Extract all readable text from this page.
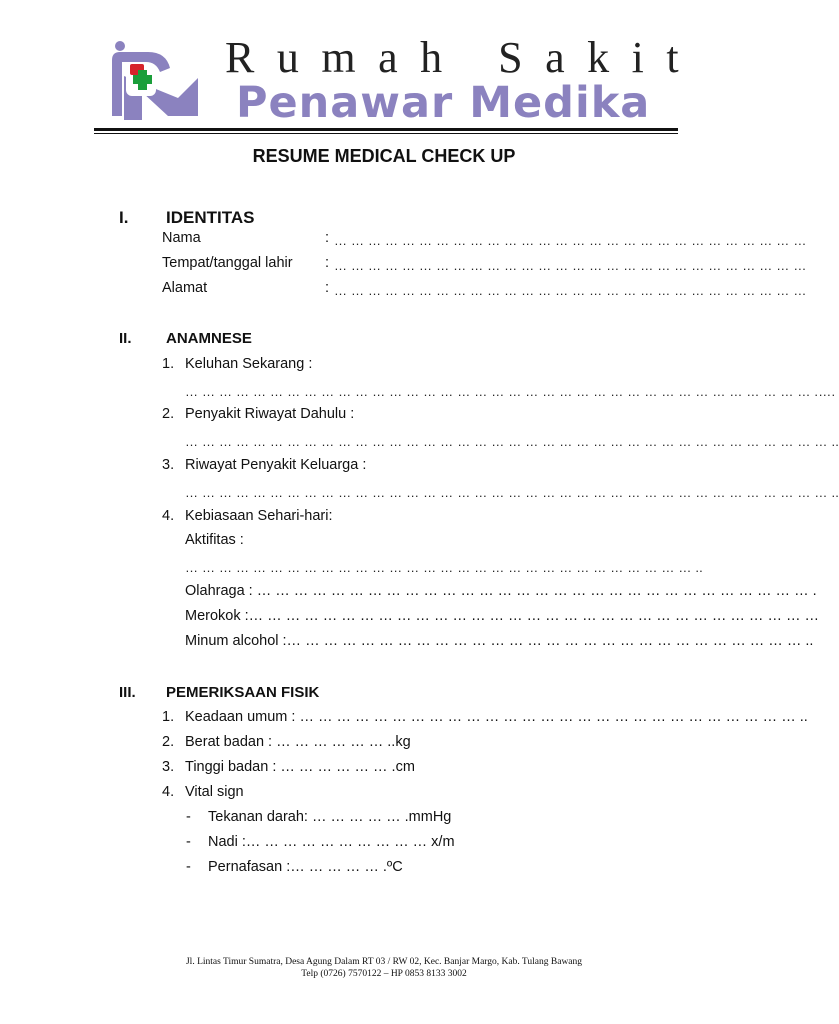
Rumah Sakit
Penawar Medika
RESUME MEDICAL CHECK UP
I. IDENTITAS
Nama	: … … … … … … … … … … … … … … … … … … … … … … … … … … … …
Tempat/tanggal lahir : … … … … … … … … … … … … … … … … … … … … … … … … … … … …
Alamat	: … … … … … … … … … … … … … … … … … … … … … … … … … … … …
II. ANAMNESE
1. Keluhan Sekarang :
… … … … … … … … … … … … … … … … … … … … … … … … … … … … … … … … … … … … … .….
2. Penyakit Riwayat Dahulu :
… … … … … … … … … … … … … … … … … … … … … … … … … … … … … … … … … … … … … … ..
3. Riwayat Penyakit Keluarga :
… … … … … … … … … … … … … … … … … … … … … … … … … … … … … … … … … … … … … … ..
4. Kebiasaan Sehari-hari:
Aktifitas :
… … … … … … … … … … … … … … … … … … … … … … … … … … … … … … ..
Olahraga : … … … … … … … … … … … … … … … … … … … … … … … … … … … … … … .
Merokok :… … … … … … … … … … … … … … … … … … … … … … … … … … … … … … …
Minum alcohol :… … … … … … … … … … … … … … … … … … … … … … … … … … … … ..
III. PEMERIKSAAN FISIK
1. Keadaan umum : … … … … … … … … … … … … … … … … … … … … … … … … … … … ..
2. Berat badan : … … … … … … ..kg
3. Tinggi badan : … … … … … … .cm
4. Vital sign
- Tekanan darah: … … … … … .mmHg
- Nadi :… … … … … … … … … … x/m
- Pernafasan :… … … … … .ºC
Jl. Lintas Timur Sumatra, Desa Agung Dalam RT 03 / RW 02, Kec. Banjar Margo, Kab. Tulang Bawang
Telp (0726) 7570122 – HP 0853 8133 3002
